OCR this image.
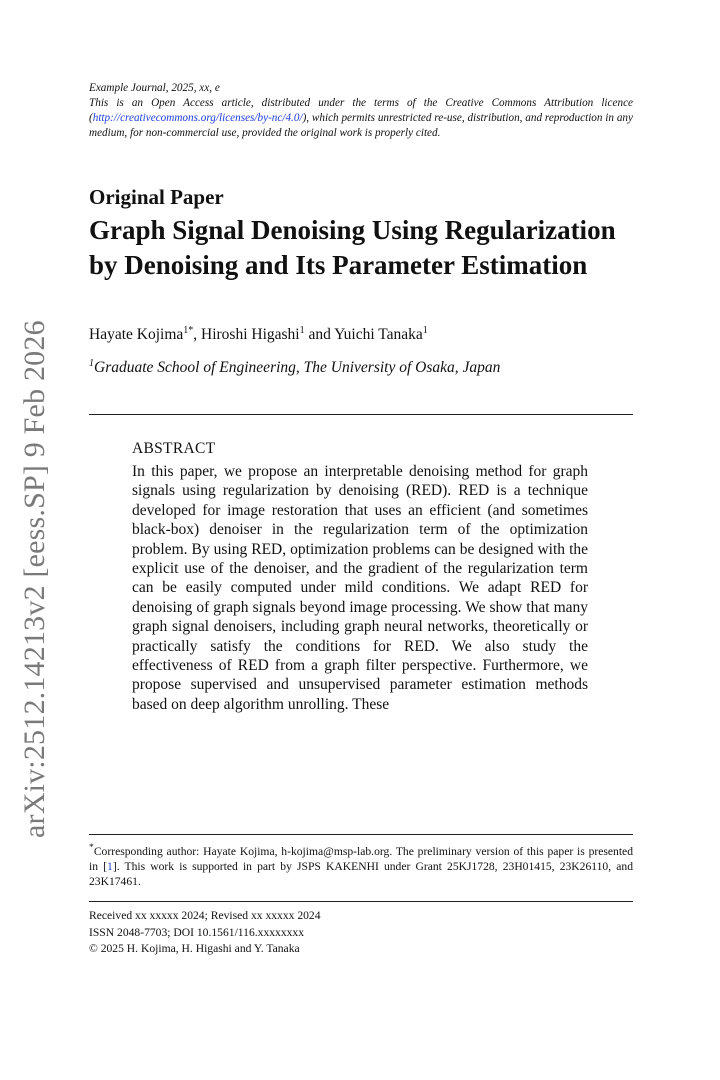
arXiv:2512.14213v2 [eess.SP] 9 Feb 2026
Example Journal, 2025, xx, e
This is an Open Access article, distributed under the terms of the Creative Commons Attribution licence (http://creativecommons.org/licenses/by-nc/4.0/), which permits unrestricted re-use, distribution, and reproduction in any medium, for non-commercial use, provided the original work is properly cited.
Original Paper
Graph Signal Denoising Using Regularization by Denoising and Its Parameter Estimation
Hayate Kojima$^{1*}$, Hiroshi Higashi$^1$ and Yuichi Tanaka$^1$
$^1$Graduate School of Engineering, The University of Osaka, Japan
ABSTRACT
In this paper, we propose an interpretable denoising method for graph signals using regularization by denoising (RED). RED is a technique developed for image restoration that uses an efficient (and sometimes black-box) denoiser in the regularization term of the optimization problem. By using RED, optimization problems can be designed with the explicit use of the denoiser, and the gradient of the regularization term can be easily computed under mild conditions. We adapt RED for denoising of graph signals beyond image processing. We show that many graph signal denoisers, including graph neural networks, theoretically or practically satisfy the conditions for RED. We also study the effectiveness of RED from a graph filter perspective. Furthermore, we propose supervised and unsupervised parameter estimation methods based on deep algorithm unrolling. These
*Corresponding author: Hayate Kojima, h-kojima@msp-lab.org. The preliminary version of this paper is presented in [1]. This work is supported in part by JSPS KAKENHI under Grant 25KJ1728, 23H01415, 23K26110, and 23K17461.
Received xx xxxxx 2024; Revised xx xxxxx 2024
ISSN 2048-7703; DOI 10.1561/116.xxxxxxxx
© 2025 H. Kojima, H. Higashi and Y. Tanaka
